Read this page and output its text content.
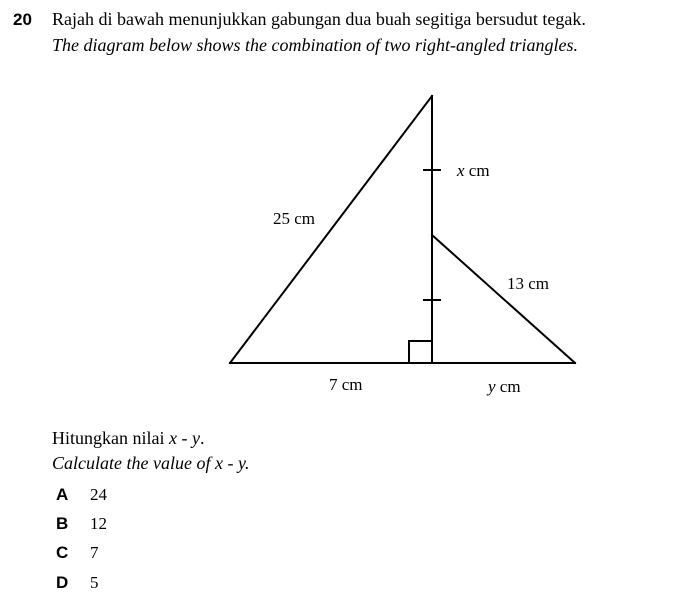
20 Rajah di bawah menunjukkan gabungan dua buah segitiga bersudut tegak.
The diagram below shows the combination of two right-angled triangles.
25 cm
13 cm
x cm
7 cm	y cm
Hitungkan nilai x - y.
Calculate the value of x - y.
A 24
B 12
C 7
D 5
